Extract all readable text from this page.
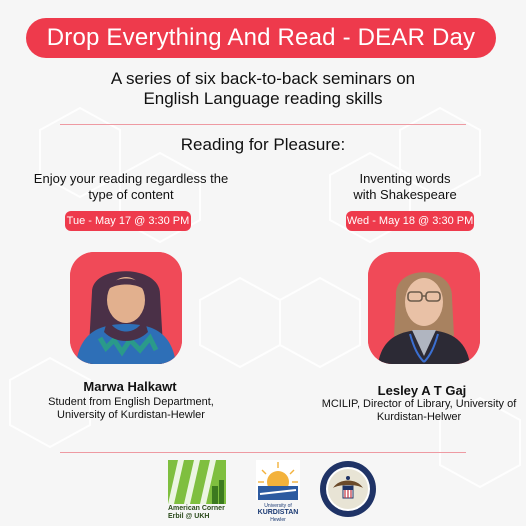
Drop Everything And Read - DEAR Day
A series of six back-to-back seminars on
English Language reading skills
Reading for Pleasure:
Enjoy your reading regardless the
type of content
Tue - May 17 @ 3:30 PM
Marwa Halkawt
Student from English Department,
University of Kurdistan-Hewler
Inventing words
with Shakespeare
Wed - May 18 @ 3:30 PM
Lesley A T Gaj
MCILIP, Director of Library, University of
Kurdistan-Helwer
American Corner Erbil @ UKH
University of
KURDISTAN
Hewler
